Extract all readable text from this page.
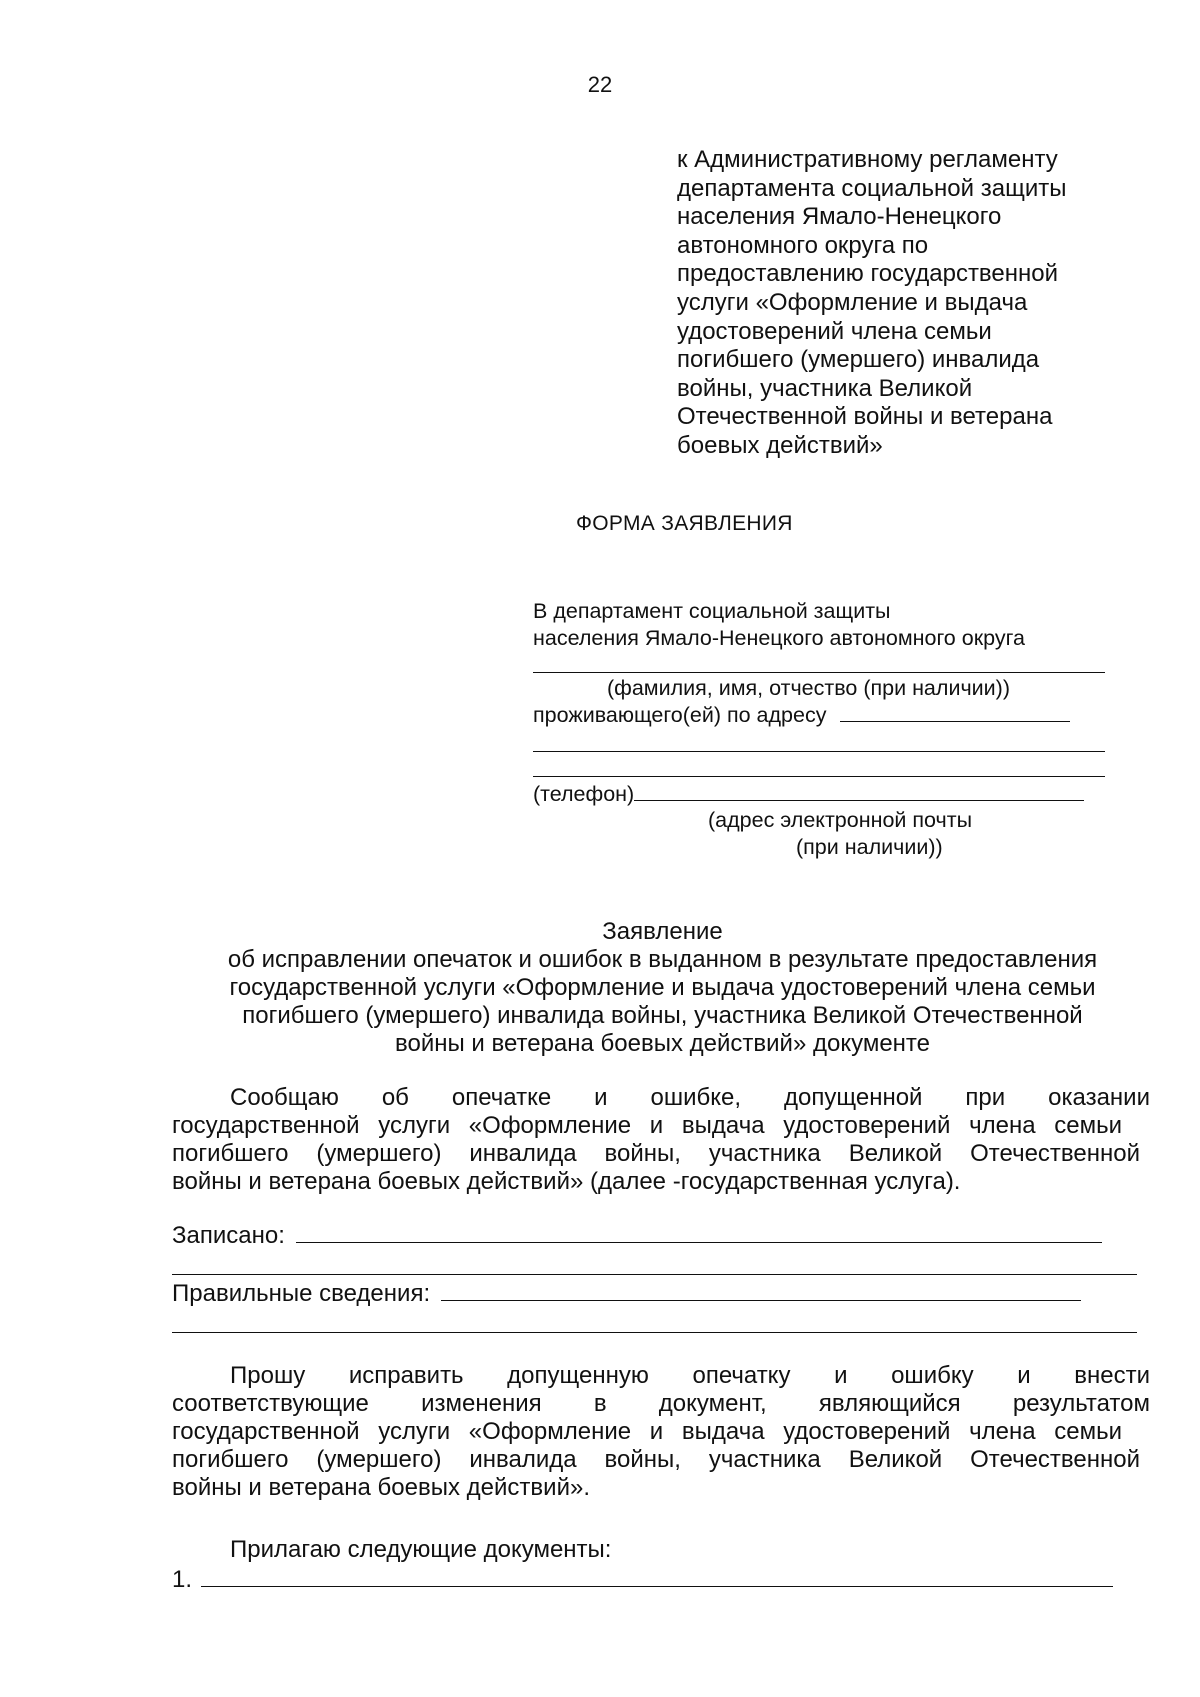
22
к Административному регламенту
департамента социальной защиты
населения Ямало-Ненецкого
автономного округа по
предоставлению государственной
услуги «Оформление и выдача
удостоверений члена семьи
погибшего (умершего) инвалида
войны, участника Великой
Отечественной войны и ветерана
боевых действий»
ФОРМА ЗАЯВЛЕНИЯ
В департамент социальной защиты
населения Ямало-Ненецкого автономного округа
(фамилия, имя, отчество (при наличии))
проживающего(ей) по адресу
(телефон)
(адрес электронной почты
(при наличии))
Заявление
об исправлении опечаток и ошибок в выданном в результате предоставления
государственной услуги «Оформление и выдача удостоверений члена семьи
погибшего (умершего) инвалида войны, участника Великой Отечественной
войны и ветерана боевых действий» документе
Сообщаю об опечатке и ошибке, допущенной при оказании
государственной услуги «Оформление и выдача удостоверений члена семьи
погибшего (умершего) инвалида войны, участника Великой Отечественной
войны и ветерана боевых действий» (далее -государственная услуга).
Записано:
Правильные сведения:
Прошу исправить допущенную опечатку и ошибку и внести
соответствующие изменения в документ, являющийся результатом
государственной услуги «Оформление и выдача удостоверений члена семьи
погибшего (умершего) инвалида войны, участника Великой Отечественной
войны и ветерана боевых действий».
Прилагаю следующие документы:
1.
